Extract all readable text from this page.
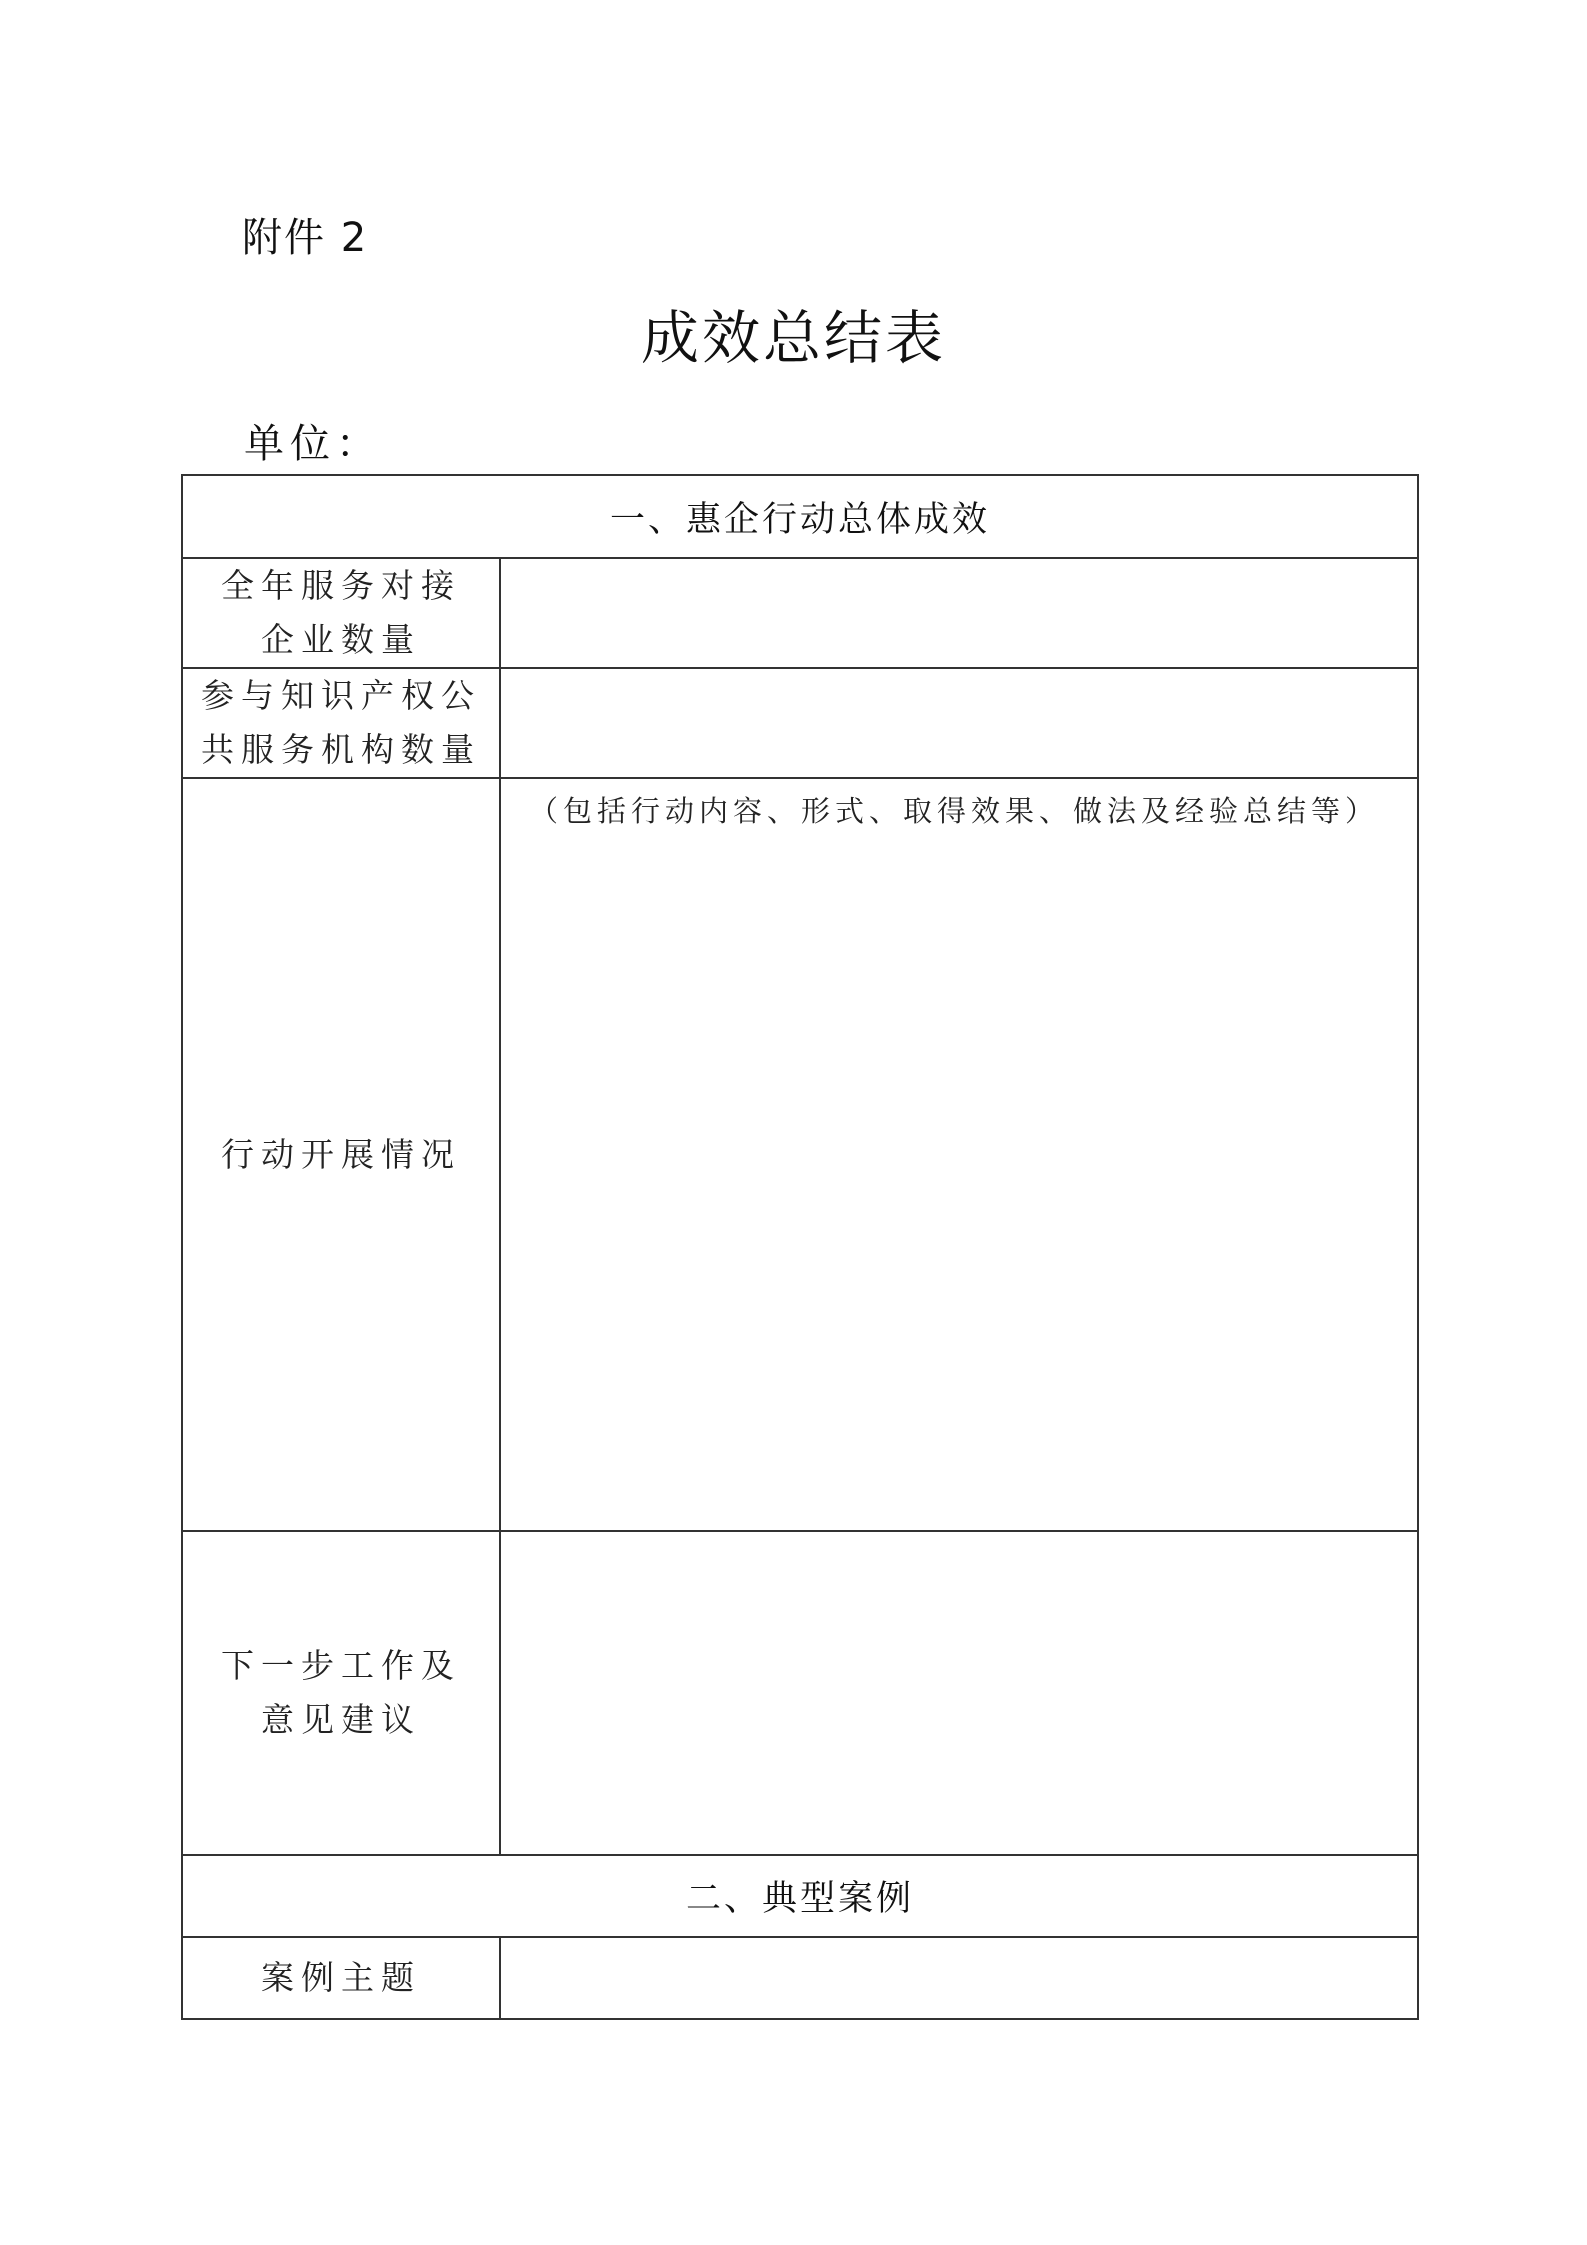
附件 2
成效总结表
单位：
一、惠企行动总体成效	

全年服务对接
企业数量	

参与知识产权公
共服务机构数量	

行动开展情况	（包括行动内容、形式、取得效果、做法及经验总结等）

下一步工作及
意见建议	

二、典型案例	

案例主题	
